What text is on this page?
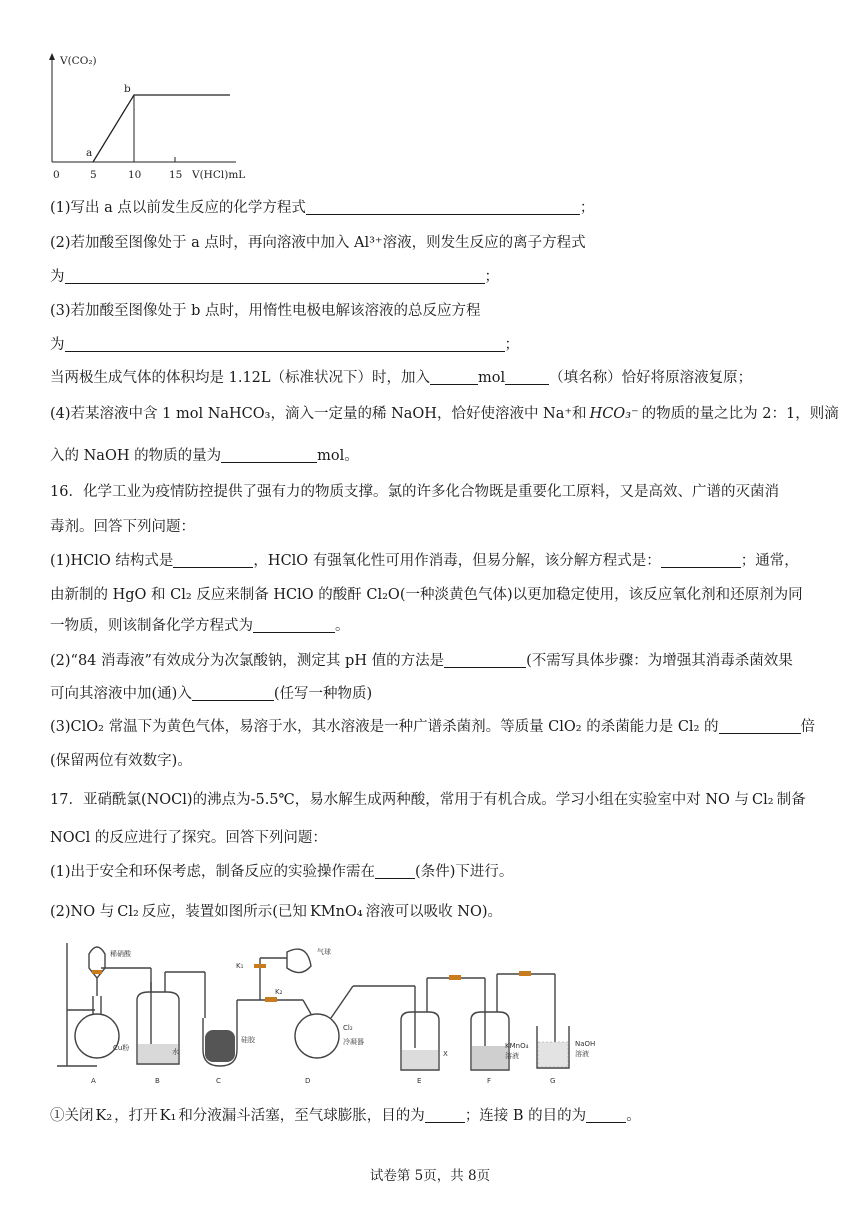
V(CO₂)
a
b
0	5	10	15 V(HCl)mL
(1)写出 a 点以前发生反应的化学方程式	；
(2)若加酸至图像处于 a 点时，再向溶液中加入 Al³⁺溶液，则发生反应的离子方程式
为	；
(3)若加酸至图像处于 b 点时，用惰性电极电解该溶液的总反应方程
为	；
当两极生成气体的体积均是 1.12L（标准状况下）时，加入	mol	（填名称）恰好将原溶液复原；
(4)若某溶液中含 1 mol NaHCO₃，滴入一定量的稀 NaOH，恰好使溶液中 Na⁺和 HCO₃⁻ 的物质的量之比为 2：1，则滴
入的 NaOH 的物质的量为	mol。
16．化学工业为疫情防控提供了强有力的物质支撑。氯的许多化合物既是重要化工原料，又是高效、广谱的灭菌消
毒剂。回答下列问题：
(1)HClO 结构式是	，HClO 有强氧化性可用作消毒，但易分解，该分解方程式是：	；通常，
由新制的 HgO 和 Cl₂ 反应来制备 HClO 的酸酐 Cl₂O(一种淡黄色气体)以更加稳定使用，该反应氧化剂和还原剂为同
一物质，则该制备化学方程式为	。
(2)“84 消毒液”有效成分为次氯酸钠，测定其 pH 值的方法是	(不需写具体步骤：为增强其消毒杀菌效果
可向其溶液中加(通)入	(任写一种物质)
(3)ClO₂ 常温下为黄色气体，易溶于水，其水溶液是一种广谱杀菌剂。等质量 ClO₂ 的杀菌能力是 Cl₂ 的	倍
(保留两位有效数字)。
17．亚硝酰氯(NOCl)的沸点为-5.5℃，易水解生成两种酸，常用于有机合成。学习小组在实验室中对 NO 与 Cl₂ 制备
NOCl 的反应进行了探究。回答下列问题：
(1)出于安全和环保考虑，制备反应的实验操作需在	(条件)下进行。
(2)NO 与 Cl₂ 反应，装置如图所示(已知 KMnO₄ 溶液可以吸收 NO)。
稀硝酸
Cu粉	水
硅胶
气球
K₁
K₂
Cl₂
冷凝器
X
KMnO₄
溶液
NaOH
溶液
A	B	C	D	E	F	G
①关闭 K₂ ，打开 K₁ 和分液漏斗活塞，至气球膨胀，目的为	；连接 B 的目的为	。
试卷第 5页，共 8页
